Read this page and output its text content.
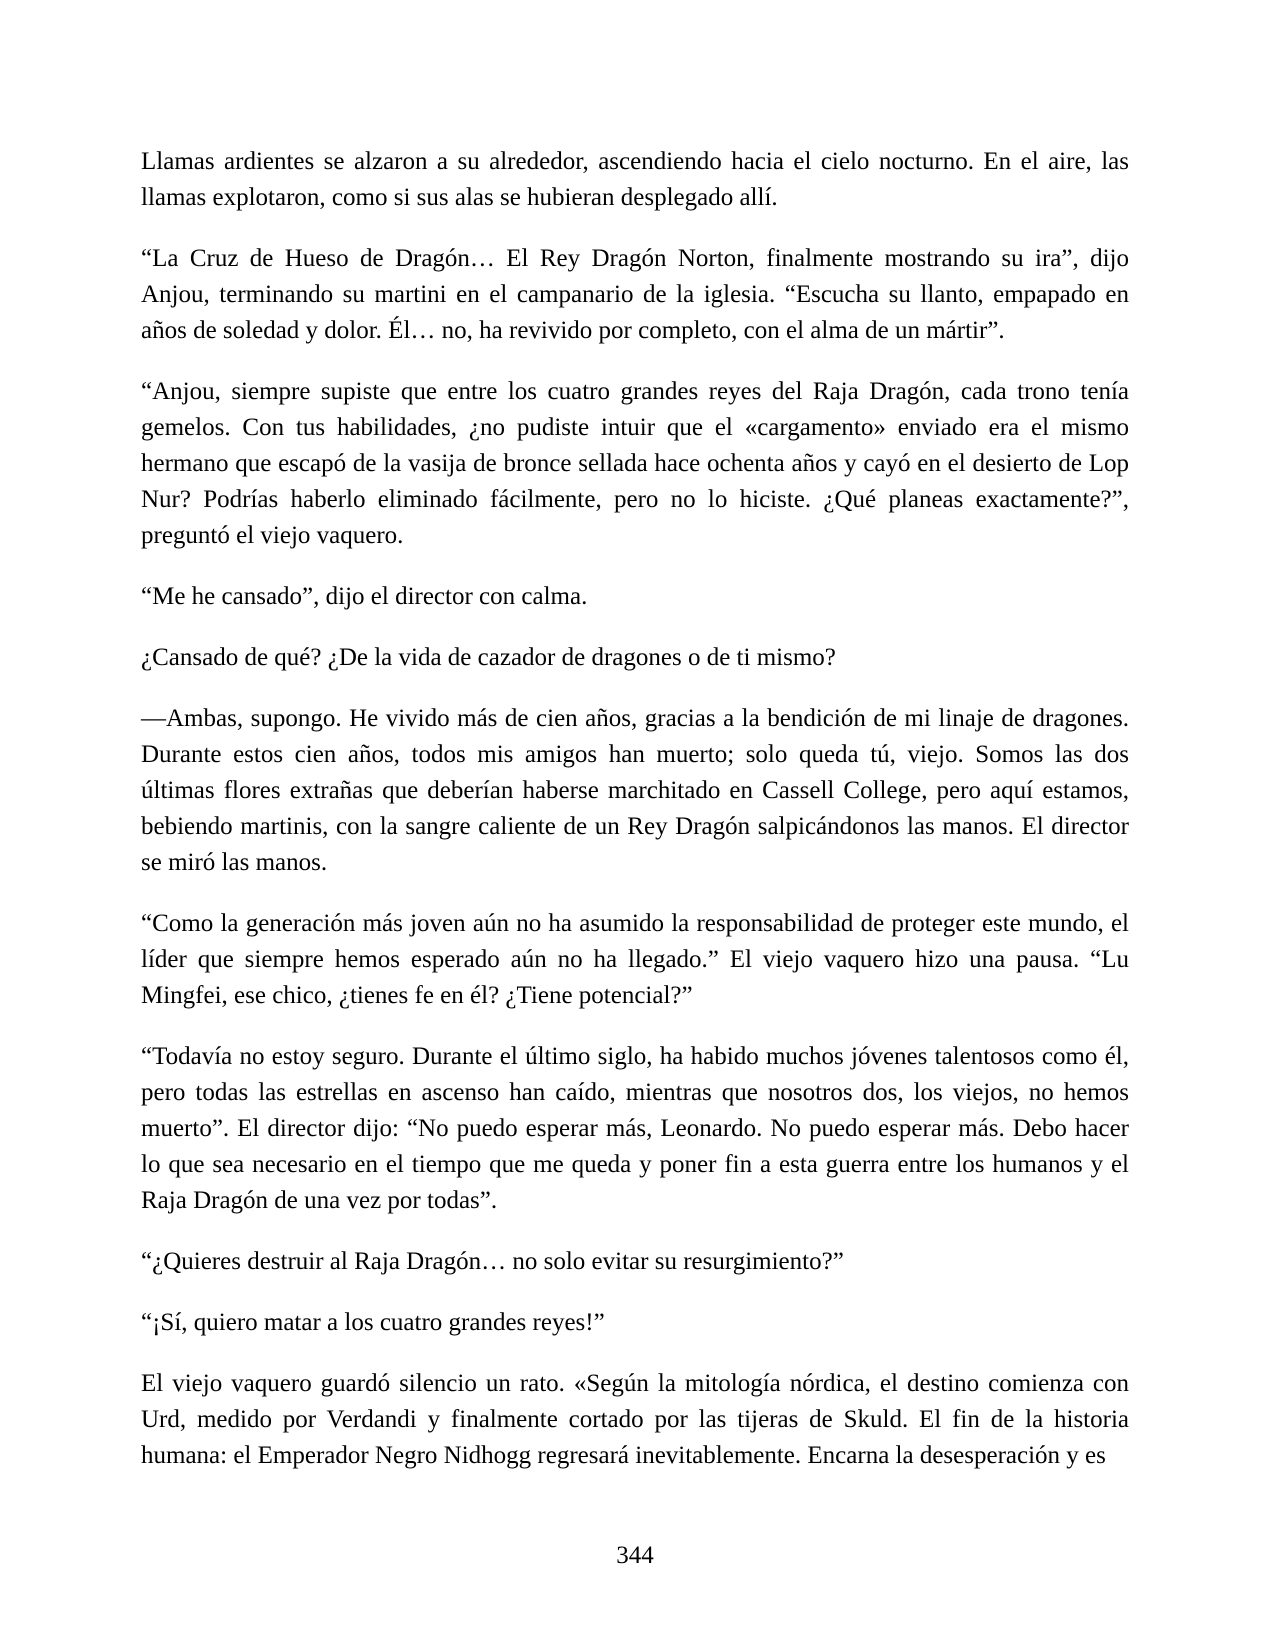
Llamas ardientes se alzaron a su alrededor, ascendiendo hacia el cielo nocturno. En el aire, las llamas explotaron, como si sus alas se hubieran desplegado allí.

“La Cruz de Hueso de Dragón… El Rey Dragón Norton, finalmente mostrando su ira”, dijo Anjou, terminando su martini en el campanario de la iglesia. “Escucha su llanto, empapado en años de soledad y dolor. Él… no, ha revivido por completo, con el alma de un mártir”.

“Anjou, siempre supiste que entre los cuatro grandes reyes del Raja Dragón, cada trono tenía gemelos. Con tus habilidades, ¿no pudiste intuir que el «cargamento» enviado era el mismo hermano que escapó de la vasija de bronce sellada hace ochenta años y cayó en el desierto de Lop Nur? Podrías haberlo eliminado fácilmente, pero no lo hiciste. ¿Qué planeas exactamente?”, preguntó el viejo vaquero.

“Me he cansado”, dijo el director con calma.

¿Cansado de qué? ¿De la vida de cazador de dragones o de ti mismo?

—Ambas, supongo. He vivido más de cien años, gracias a la bendición de mi linaje de dragones. Durante estos cien años, todos mis amigos han muerto; solo queda tú, viejo. Somos las dos últimas flores extrañas que deberían haberse marchitado en Cassell College, pero aquí estamos, bebiendo martinis, con la sangre caliente de un Rey Dragón salpicándonos las manos. El director se miró las manos.

“Como la generación más joven aún no ha asumido la responsabilidad de proteger este mundo, el líder que siempre hemos esperado aún no ha llegado.” El viejo vaquero hizo una pausa. “Lu Mingfei, ese chico, ¿tienes fe en él? ¿Tiene potencial?”

“Todavía no estoy seguro. Durante el último siglo, ha habido muchos jóvenes talentosos como él, pero todas las estrellas en ascenso han caído, mientras que nosotros dos, los viejos, no hemos muerto”. El director dijo: “No puedo esperar más, Leonardo. No puedo esperar más. Debo hacer lo que sea necesario en el tiempo que me queda y poner fin a esta guerra entre los humanos y el Raja Dragón de una vez por todas”.

“¿Quieres destruir al Raja Dragón… no solo evitar su resurgimiento?”

“¡Sí, quiero matar a los cuatro grandes reyes!”

El viejo vaquero guardó silencio un rato. «Según la mitología nórdica, el destino comienza con Urd, medido por Verdandi y finalmente cortado por las tijeras de Skuld. El fin de la historia humana: el Emperador Negro Nidhogg regresará inevitablemente. Encarna la desesperación y es

344
